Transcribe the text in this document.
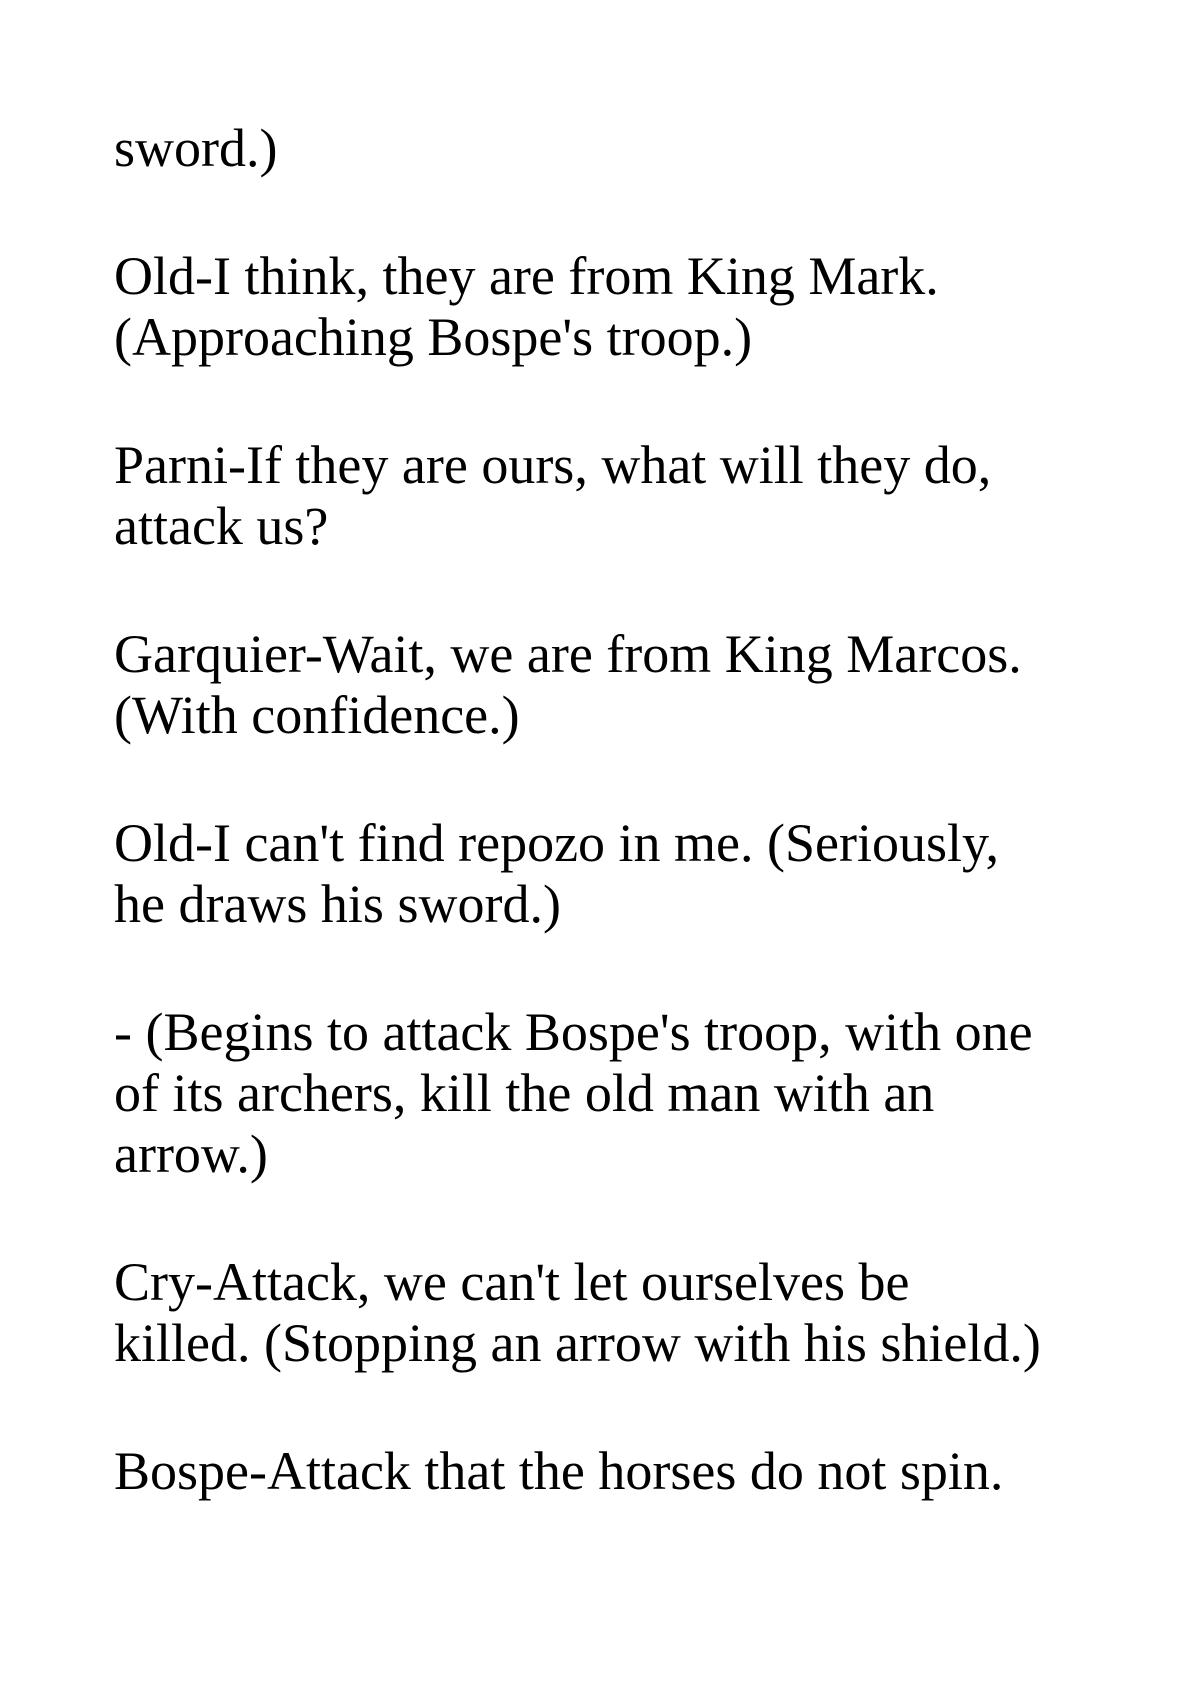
sword.)

Old-I think, they are from King Mark.
(Approaching Bospe's troop.)

Parni-If they are ours, what will they do,
attack us?

Garquier-Wait, we are from King Marcos.
(With confidence.)

Old-I can't find repozo in me. (Seriously,
he draws his sword.)

- (Begins to attack Bospe's troop, with one
of its archers, kill the old man with an
arrow.)

Cry-Attack, we can't let ourselves be
killed. (Stopping an arrow with his shield.)

Bospe-Attack that the horses do not spin.
